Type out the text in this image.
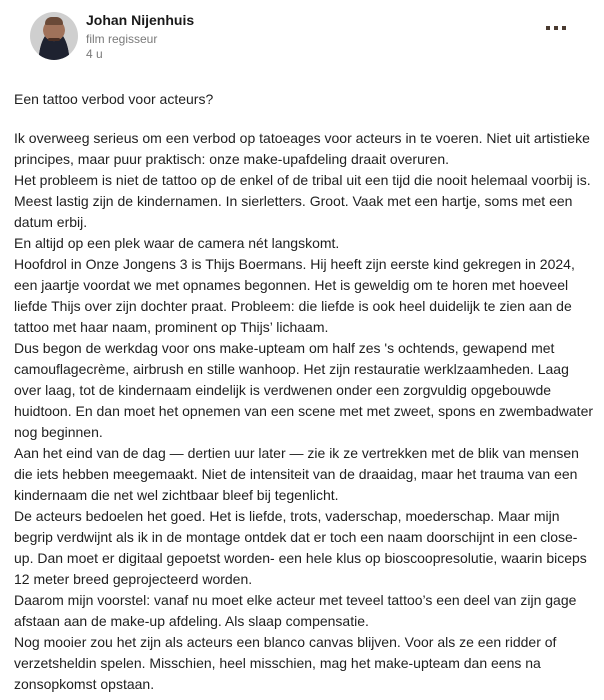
Johan Nijenhuis
film regisseur
4 u
Een tattoo verbod voor acteurs?

Ik overweeg serieus om een verbod op tatoeages voor acteurs in te voeren. Niet uit artistieke principes, maar puur praktisch: onze make-upafdeling draait overuren.

Het probleem is niet de tattoo op de enkel of de tribal uit een tijd die nooit helemaal voorbij is. Meest lastig zijn de kindernamen. In sierletters. Groot. Vaak met een hartje, soms met een datum erbij.

En altijd op een plek waar de camera nét langskomt.

Hoofdrol in Onze Jongens 3 is Thijs Boermans. Hij heeft zijn eerste kind gekregen in 2024, een jaartje voordat we met opnames begonnen. Het is geweldig om te horen met hoeveel liefde Thijs over zijn dochter praat. Probleem: die liefde is ook heel duidelijk te zien aan de tattoo met haar naam, prominent op Thijs’ lichaam.

Dus begon de werkdag voor ons make-upteam om half zes 's ochtends, gewapend met camouflagecrème, airbrush en stille wanhoop. Het zijn restauratie werklzaamheden. Laag over laag, tot de kindernaam eindelijk is verdwenen onder een zorgvuldig opgebouwde huidtoon. En dan moet het opnemen van een scene met met zweet, spons en zwembadwater nog beginnen.

Aan het eind van de dag — dertien uur later — zie ik ze vertrekken met de blik van mensen die iets hebben meegemaakt. Niet de intensiteit van de draaidag, maar het trauma van een kindernaam die net wel zichtbaar bleef bij tegenlicht.

De acteurs bedoelen het goed. Het is liefde, trots, vaderschap, moederschap. Maar mijn begrip verdwijnt als ik in de montage ontdek dat er toch een naam doorschijnt in een close-up. Dan moet er digitaal gepoetst worden- een hele klus op bioscoopresolutie, waarin biceps 12 meter breed geprojecteerd worden.

Daarom mijn voorstel: vanaf nu moet elke acteur met teveel tattoo’s een deel van zijn gage afstaan aan de make-up afdeling. Als slaap compensatie.

Nog mooier zou het zijn als acteurs een blanco canvas blijven. Voor als ze een ridder of verzetsheldin spelen. Misschien, heel misschien, mag het make-upteam dan eens na zonsopkomst opstaan.
